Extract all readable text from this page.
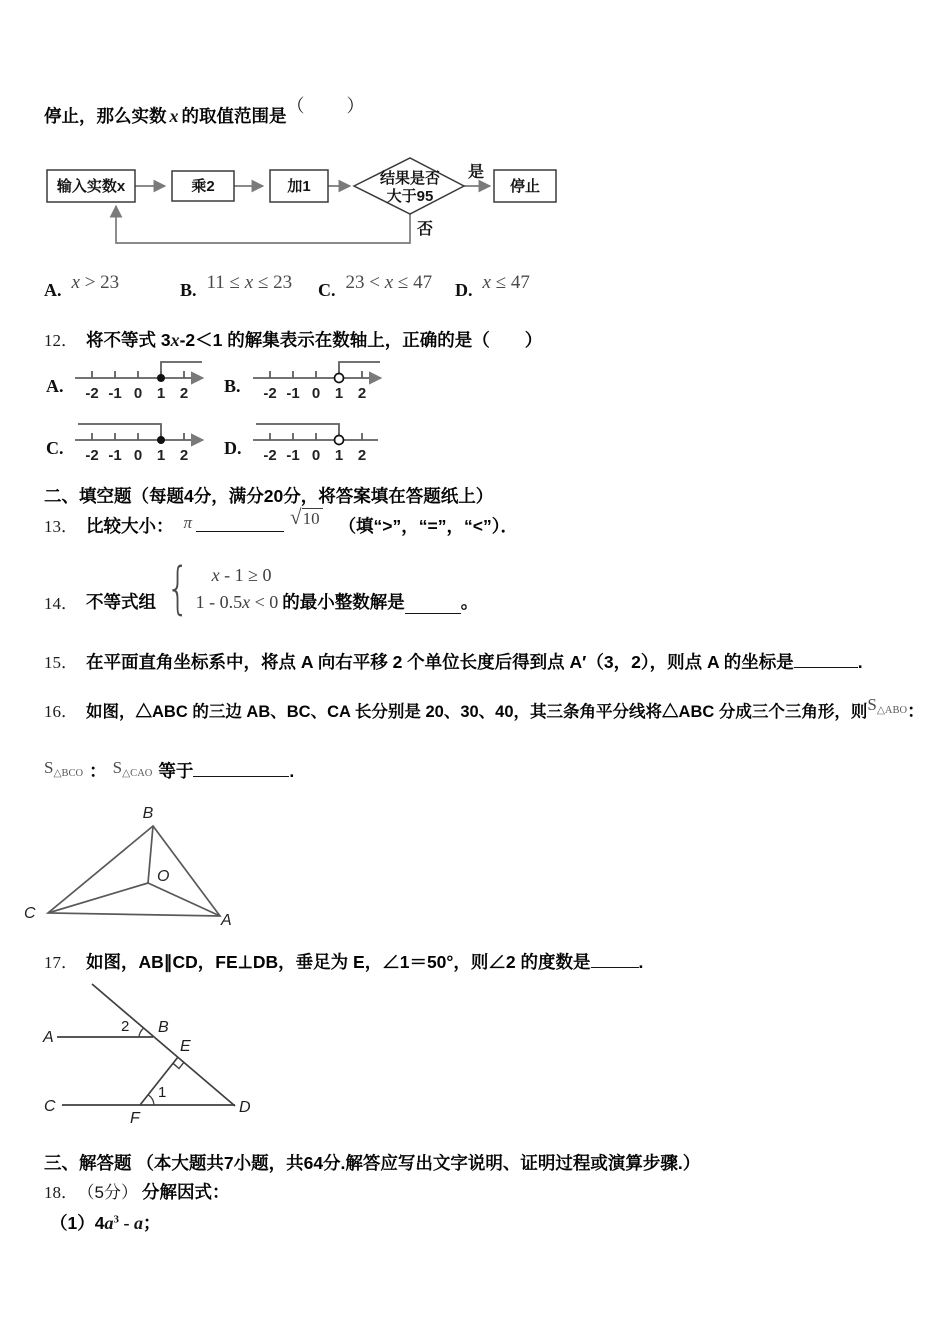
停止，那么实数 x 的取值范围是（ ）
输入实数x	乘2	加1	结果是否
大于95
停止
是
否
A. x > 23	B. 11 ≤ x ≤ 23 C. 23 < x ≤ 47 D. x ≤ 47
12． 将不等式 3x-2＜1 的解集表示在数轴上，正确的是（　　）
A. -2 -1 0 1 2 B. -2 -1 0 1 2
C. -2 -1 0 1 2 D. -2 -1 0 1 2
二、填空题（每题4分，满分20分，将答案填在答题纸上）
13． 比较大小： π	√10 （填“>”，“=”，“<”）．
14． 不等式组 {	x - 1 ≥ 0
1 - 0.5x < 0 的最小整数解是	。
15． 在平面直角坐标系中，将点 A 向右平移 2 个单位长度后得到点 A′（3，2），则点 A 的坐标是	.
16． 如图，△ABC 的三边 AB、BC、CA 长分别是 20、30、40，其三条角平分线将△ABC 分成三个三角形，则S△ABO：
S△BCO ： S△CAO 等于	.
B
O
C	A
17． 如图，AB∥CD，FE⊥DB，垂足为 E，∠1＝50°，则∠2 的度数是	.
A
B
E
C
F
D
1
2
三、解答题 （本大题共7小题，共64分.解答应写出文字说明、证明过程或演算步骤.）
18． （5分） 分解因式：
$(1)4a^3$ - a；
